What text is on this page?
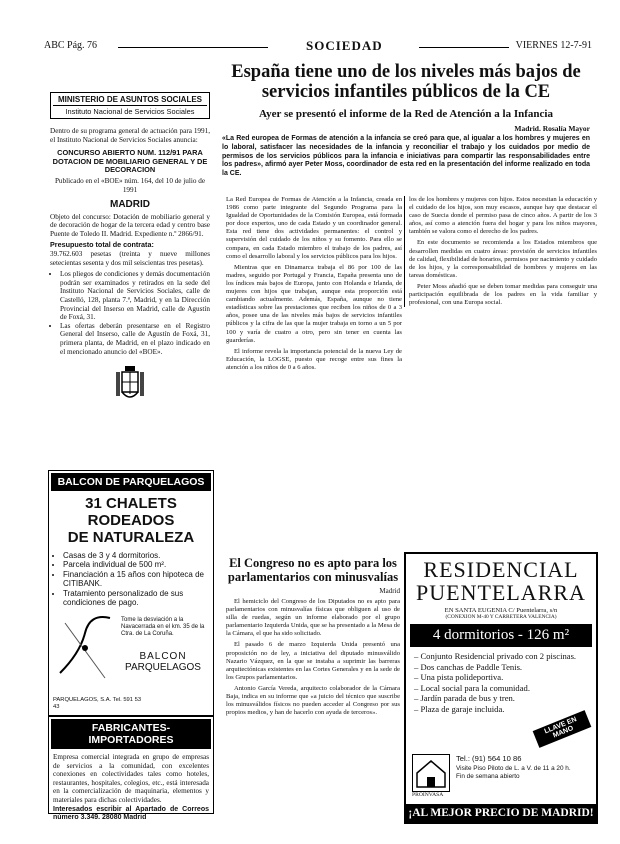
ABC Pág. 76	SOCIEDAD	VIERNES 12-7-91
MINISTERIO DE ASUNTOS SOCIALES
Instituto Nacional de Servicios Sociales

Dentro de su programa general de actuación para 1991, el Instituto Nacional de Servicios Sociales anuncia:

CONCURSO ABIERTO NUM. 112/91 PARA DOTACION DE MOBILIARIO GENERAL Y DE DECORACION

Publicado en el «BOE» núm. 164, del 10 de julio de 1991

MADRID

Objeto del concurso: Dotación de mobiliario general y de decoración de hogar de la tercera edad y centro base Puente de Toledo II. Madrid. Expediente n.º 2866/91.

Presupuesto total de contrata:

39.762.603 pesetas (treinta y nueve millones setecientas sesenta y dos mil seiscientas tres pesetas).

• Los pliegos de condiciones y demás documentación podrán ser examinados y retirados en la sede del Instituto Nacional de Servicios Sociales, calle de Castelló, 128, planta 7.ª, Madrid, y en la Dirección Provincial del Inserso en Madrid, calle de Agustín de Foxá, 31.
• Las ofertas deberán presentarse en el Registro General del Inserso, calle de Agustín de Foxá, 31, primera planta, de Madrid, en el plazo indicado en el mencionado anuncio del «BOE».
BALCON DE PARQUELAGOS
31 CHALETS RODEADOS
DE NATURALEZA
• Casas de 3 y 4 dormitorios.
• Parcela individual de 500 m².
• Financiación a 15 años con hipoteca de CITIBANK.
• Tratamiento personalizado de sus condiciones de pago.

Tome la desviación a la Navacerrada en el km. 35 de la Ctra. de La Coruña.

BALCON
PARQUELAGOS

PARQUELAGOS, S.A. Tel. 591 53 43

FABRICANTES-IMPORTADORES

Empresa comercial integrada en grupo de empresas de servicios a la comunidad, con excelentes conexiones en colectividades tales como hoteles, restaurantes, hospitales, colegios, etc., está interesada en la comercialización de maquinaria, elementos y materiales para dichas colectividades.

Interesados escribir al Apartado de Correos número 3.349. 28080 Madrid

España tiene uno de los niveles más bajos de servicios infantiles públicos de la CE
Ayer se presentó el informe de la Red de Atención a la Infancia
Madrid. Rosalía Mayor

«La Red europea de Formas de atención a la infancia se creó para que, al igualar a los hombres y mujeres en lo laboral, satisfacer las necesidades de la infancia y reconciliar el trabajo y los cuidados por medio de permisos de los servicios públicos para la infancia e iniciativas para compartir las responsabilidades entre los padres», afirmó ayer Peter Moss, coordinador de esta red en la presentación del informe realizado en toda la CE.

La Red Europea de Formas de Atención a la Infancia, creada en 1986 como parte integrante del Segundo Programa para la Igualdad de Oportunidades de la Comisión Europea, está formada por doce expertos, uno de cada Estado y un coordinador general. Esta red tiene dos actividades permanentes: el control y supervisión del cuidado de los niños y su fomento. Para ello se compara, en cada Estado miembro el trabajo de los padres, así como el desarrollo laboral y los servicios públicos para los hijos.

Mientras que en Dinamarca trabaja el 86 por 100 de las madres, seguido por Portugal y Francia, España presenta uno de los índices más bajos de Europa, junto con Holanda e Irlanda, de mujeres con hijos que trabajan, aunque esta proporción está cambiando actualmente. Además, España, aunque no tiene estadísticas sobre las prestaciones que reciben los niños de 0 a 3 años, posee una de las niveles más bajos de servicios infantiles públicos y la cifra de las que la mujer trabaja en torno a un 5 por 100 y varía de cuatro a otro, pero sin tener en cuenta las guarderías.

El informe revela la importancia potencial de la nueva Ley de Educación, la LOGSE, puesto que recoge entre sus fines la atención a los niños de 0 a 6 años.

los de los hombres y mujeres con hijos. Estos necesitan la educación y el cuidado de los hijos, son muy escasos, aunque hay que destacar el caso de Suecia donde el permiso pasa de cinco años. A partir de los 3 años, así como a atención fuera del hogar y para los niños mayores, también se valora como el derecho de los padres.

En este documento se recomienda a los Estados miembros que desarrollen medidas en cuatro áreas: provisión de servicios infantiles de calidad, flexibilidad de horarios, permisos por nacimiento y cuidado de los hijos, y la corresponsabilidad de hombres y mujeres en las tareas domésticas.

Peter Moss añadió que se deben tomar medidas para conseguir una participación equilibrada de los padres en la vida familiar y profesional, con una Europa social.

El Congreso no es apto para los parlamentarios con minusvalías
Madrid

El hemiciclo del Congreso de los Diputados no es apto para parlamentarios con minusvalías físicas que obliguen al uso de silla de ruedas, según un informe elaborado por el grupo parlamentario Izquierda Unida, que se ha presentado a la Mesa de la Cámara, el que ha sido solicitado.

El pasado 6 de marzo Izquierda Unida presentó una proposición no de ley, a iniciativa del diputado minusválido Nazario Vázquez, en la que se instaba a suprimir las barreras arquitectónicas existentes en las Cortes Generales y en la sede de los Grupos parlamentarios.

Antonio García Vereda, arquitecto colaborador de la Cámara Baja, indica en su informe que «a juicio del técnico que suscribe los minusválidos físicos no pueden acceder al Congreso por sus propios medios, y han de hacerlo con ayuda de terceros».

RESIDENCIAL
PUENTELARRA
EN SANTA EUGENIA C/ Puentelarra, s/n
(CONEXION M-40 Y CARRETERA VALENCIA)
4 dormitorios - 126 m²
– Conjunto Residencial privado con 2 piscinas.
– Dos canchas de Paddle Tenis.
– Una pista polideportiva.
– Local social para la comunidad.
– Jardín parada de bus y tren.
– Plaza de garaje incluida.
LLAVE EN MANO
PROINVASA
Tel.: (91) 564 10 86
Visite Piso Piloto de L. a V. de 11 a 20 h. Fin de semana abierto
¡AL MEJOR PRECIO DE MADRID!
